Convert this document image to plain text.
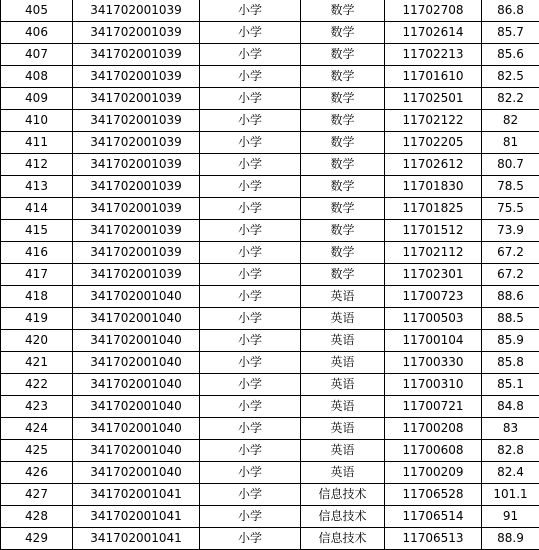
405	341702001039	小学	数学	11702708	86.8
406	341702001039	小学	数学	11702614	85.7
407	341702001039	小学	数学	11702213	85.6
408	341702001039	小学	数学	11701610	82.5
409	341702001039	小学	数学	11702501	82.2
410	341702001039	小学	数学	11702122	82
411	341702001039	小学	数学	11702205	81
412	341702001039	小学	数学	11702612	80.7
413	341702001039	小学	数学	11701830	78.5
414	341702001039	小学	数学	11701825	75.5
415	341702001039	小学	数学	11701512	73.9
416	341702001039	小学	数学	11702112	67.2
417	341702001039	小学	数学	11702301	67.2
418	341702001040	小学	英语	11700723	88.6
419	341702001040	小学	英语	11700503	88.5
420	341702001040	小学	英语	11700104	85.9
421	341702001040	小学	英语	11700330	85.8
422	341702001040	小学	英语	11700310	85.1
423	341702001040	小学	英语	11700721	84.8
424	341702001040	小学	英语	11700208	83
425	341702001040	小学	英语	11700608	82.8
426	341702001040	小学	英语	11700209	82.4
427	341702001041	小学	信息技术	11706528	101.1
428	341702001041	小学	信息技术	11706514	91
429	341702001041	小学	信息技术	11706513	88.9
